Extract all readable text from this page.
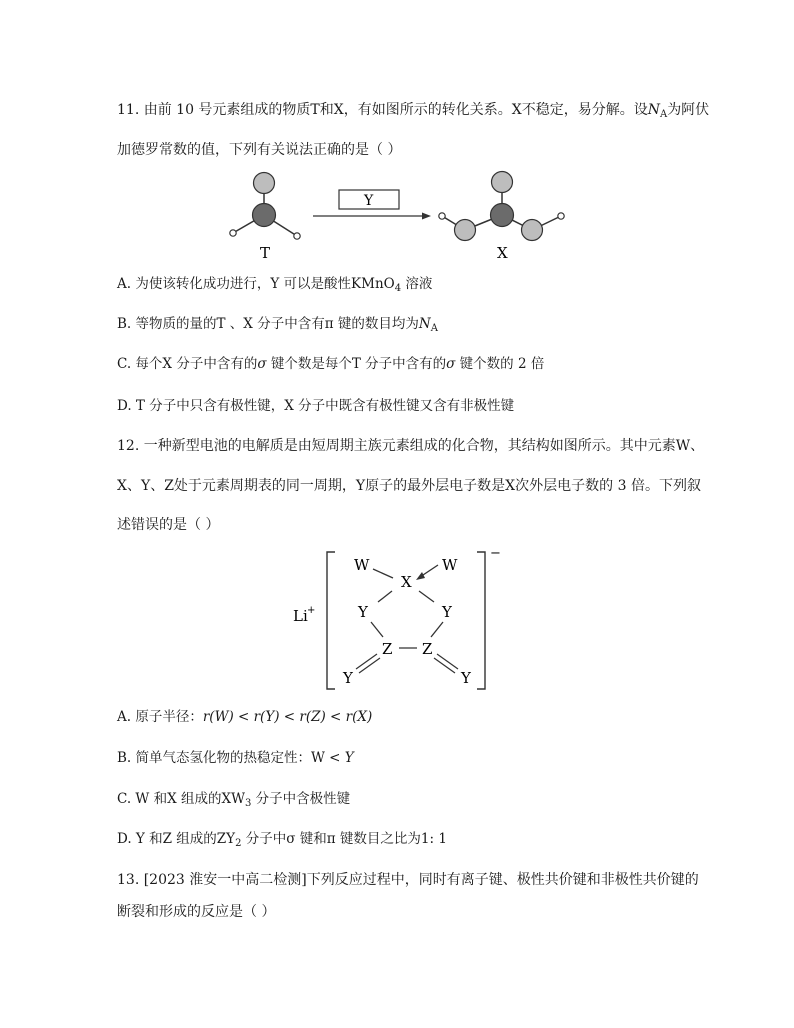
11. 由前 10 号元素组成的物质T和X，有如图所示的转化关系。X不稳定，易分解。设$N_A$为阿伏
加德罗常数的值，下列有关说法正确的是（ ）
T
Y
X
A. 为使该转化成功进行，Y 可以是酸性KMnO$_4$ 溶液
B. 等物质的量的T 、X 分子中含有π 键的数目均为$N_A$
C. 每个X 分子中含有的σ 键个数是每个T 分子中含有的σ 键个数的 2 倍
D. T 分子中只含有极性键，X 分子中既含有极性键又含有非极性键
12. 一种新型电池的电解质是由短周期主族元素组成的化合物，其结构如图所示。其中元素W、
X、Y、Z处于元素周期表的同一周期，Y原子的最外层电子数是X次外层电子数的 3 倍。下列叙
述错误的是（ ）
Li +
−
W	W
X
Y	Y
Z Z
Y	Y
A. 原子半径：r(W) < r(Y) < r(Z) < r(X)
B. 简单气态氢化物的热稳定性：W < Y
C. W 和X 组成的$XW_3$ 分子中含极性键
D. Y 和Z 组成的$ZY_2$ 分子中σ 键和π 键数目之比为1: 1
13. [2023 淮安一中高二检测]下列反应过程中，同时有离子键、极性共价键和非极性共价键的
断裂和形成的反应是（ ）
